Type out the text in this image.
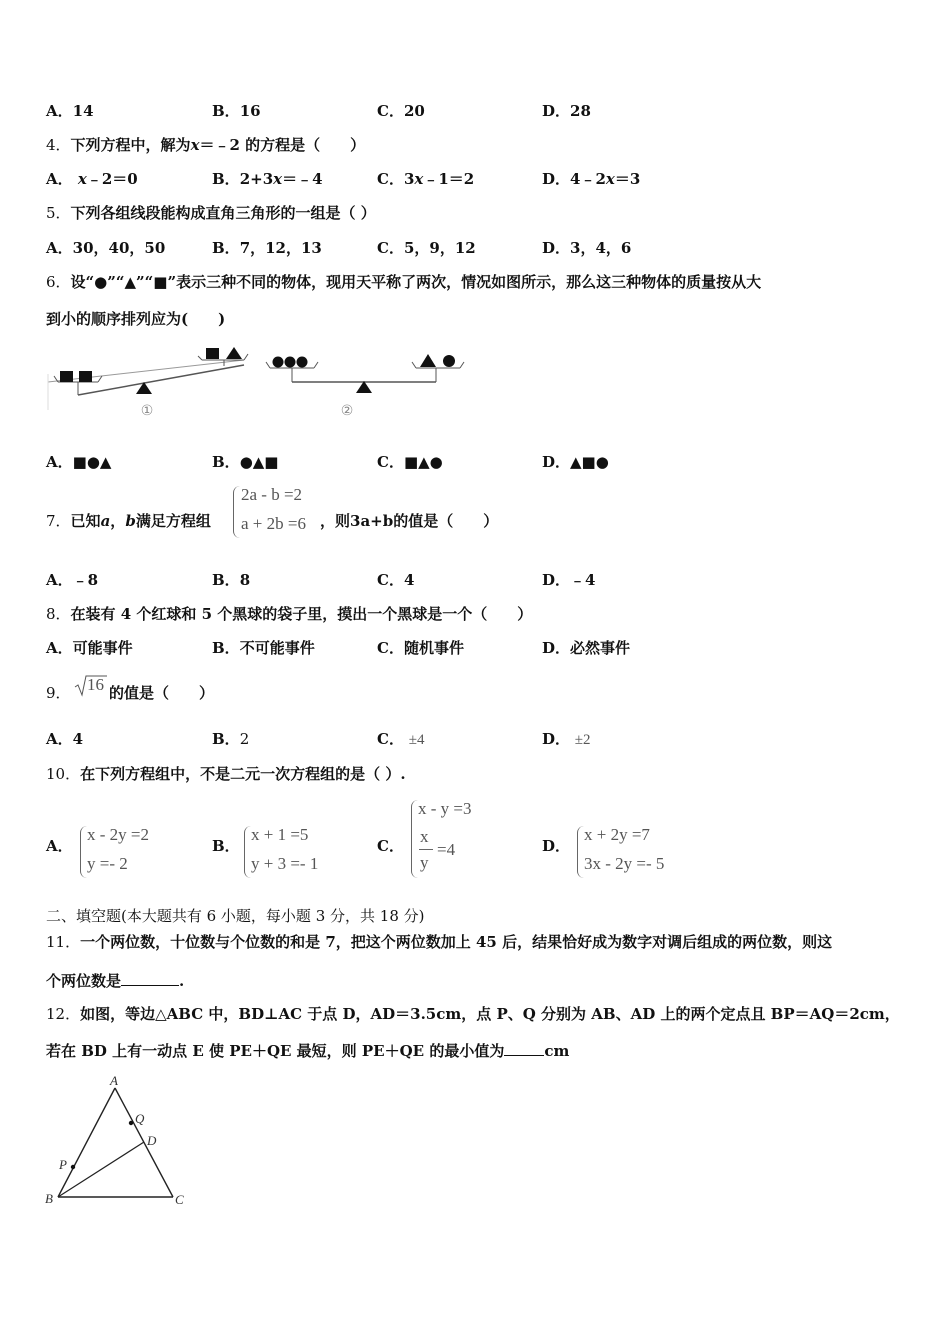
A．14	B．16	C．20	D．28
4．下列方程中，解为x＝﹣2 的方程是（　　）
A． x﹣2＝0	B．2+3x＝﹣4	C．3x﹣1＝2	D．4﹣2x＝3
5．下列各组线段能构成直角三角形的一组是（ ）
A．30，40，50	B．7，12，13	C．5，9，12	D．3，4，6
6．设“●”“▲”“■”表示三种不同的物体，现用天平称了两次，情况如图所示，那么这三种物体的质量按从大
到小的顺序排列应为(　　)
①	②
A．■●▲	B．●▲■	C．■▲●	D．▲■●
7．已知a，b满足方程组
2a - b =2
a + 2b =6 ，则3a+b的值是（　　）
A．﹣8	B．8	C．4	D．﹣4
8．在装有 4 个红球和 5 个黑球的袋子里，摸出一个黑球是一个（　　）
A．可能事件	B．不可能事件	C．随机事件	D．必然事件
9． 16 的值是（　　）
A．4	B．2	C． ±4	D． ±2
10．在下列方程组中，不是二元一次方程组的是（ ）.
A．
x - 2y =2
y =- 2
B．
x + 1 =5
y + 3 =- 1
C．
x - y =3
x
y
=4	D．
x + 2y =7
3x - 2y =- 5
二、填空题(本大题共有 6 小题，每小题 3 分，共 18 分)
11．一个两位数，十位数与个位数的和是 7，把这个两位数加上 45 后，结果恰好成为数字对调后组成的两位数，则这
个两位数是	.
12．如图，等边△ABC 中，BD⊥AC 于点 D，AD＝3.5cm，点 P、Q 分别为 AB、AD 上的两个定点且 BP＝AQ＝2cm，
若在 BD 上有一动点 E 使 PE＋QE 最短，则 PE＋QE 的最小值为	cm
A
B	C
D
P
Q
